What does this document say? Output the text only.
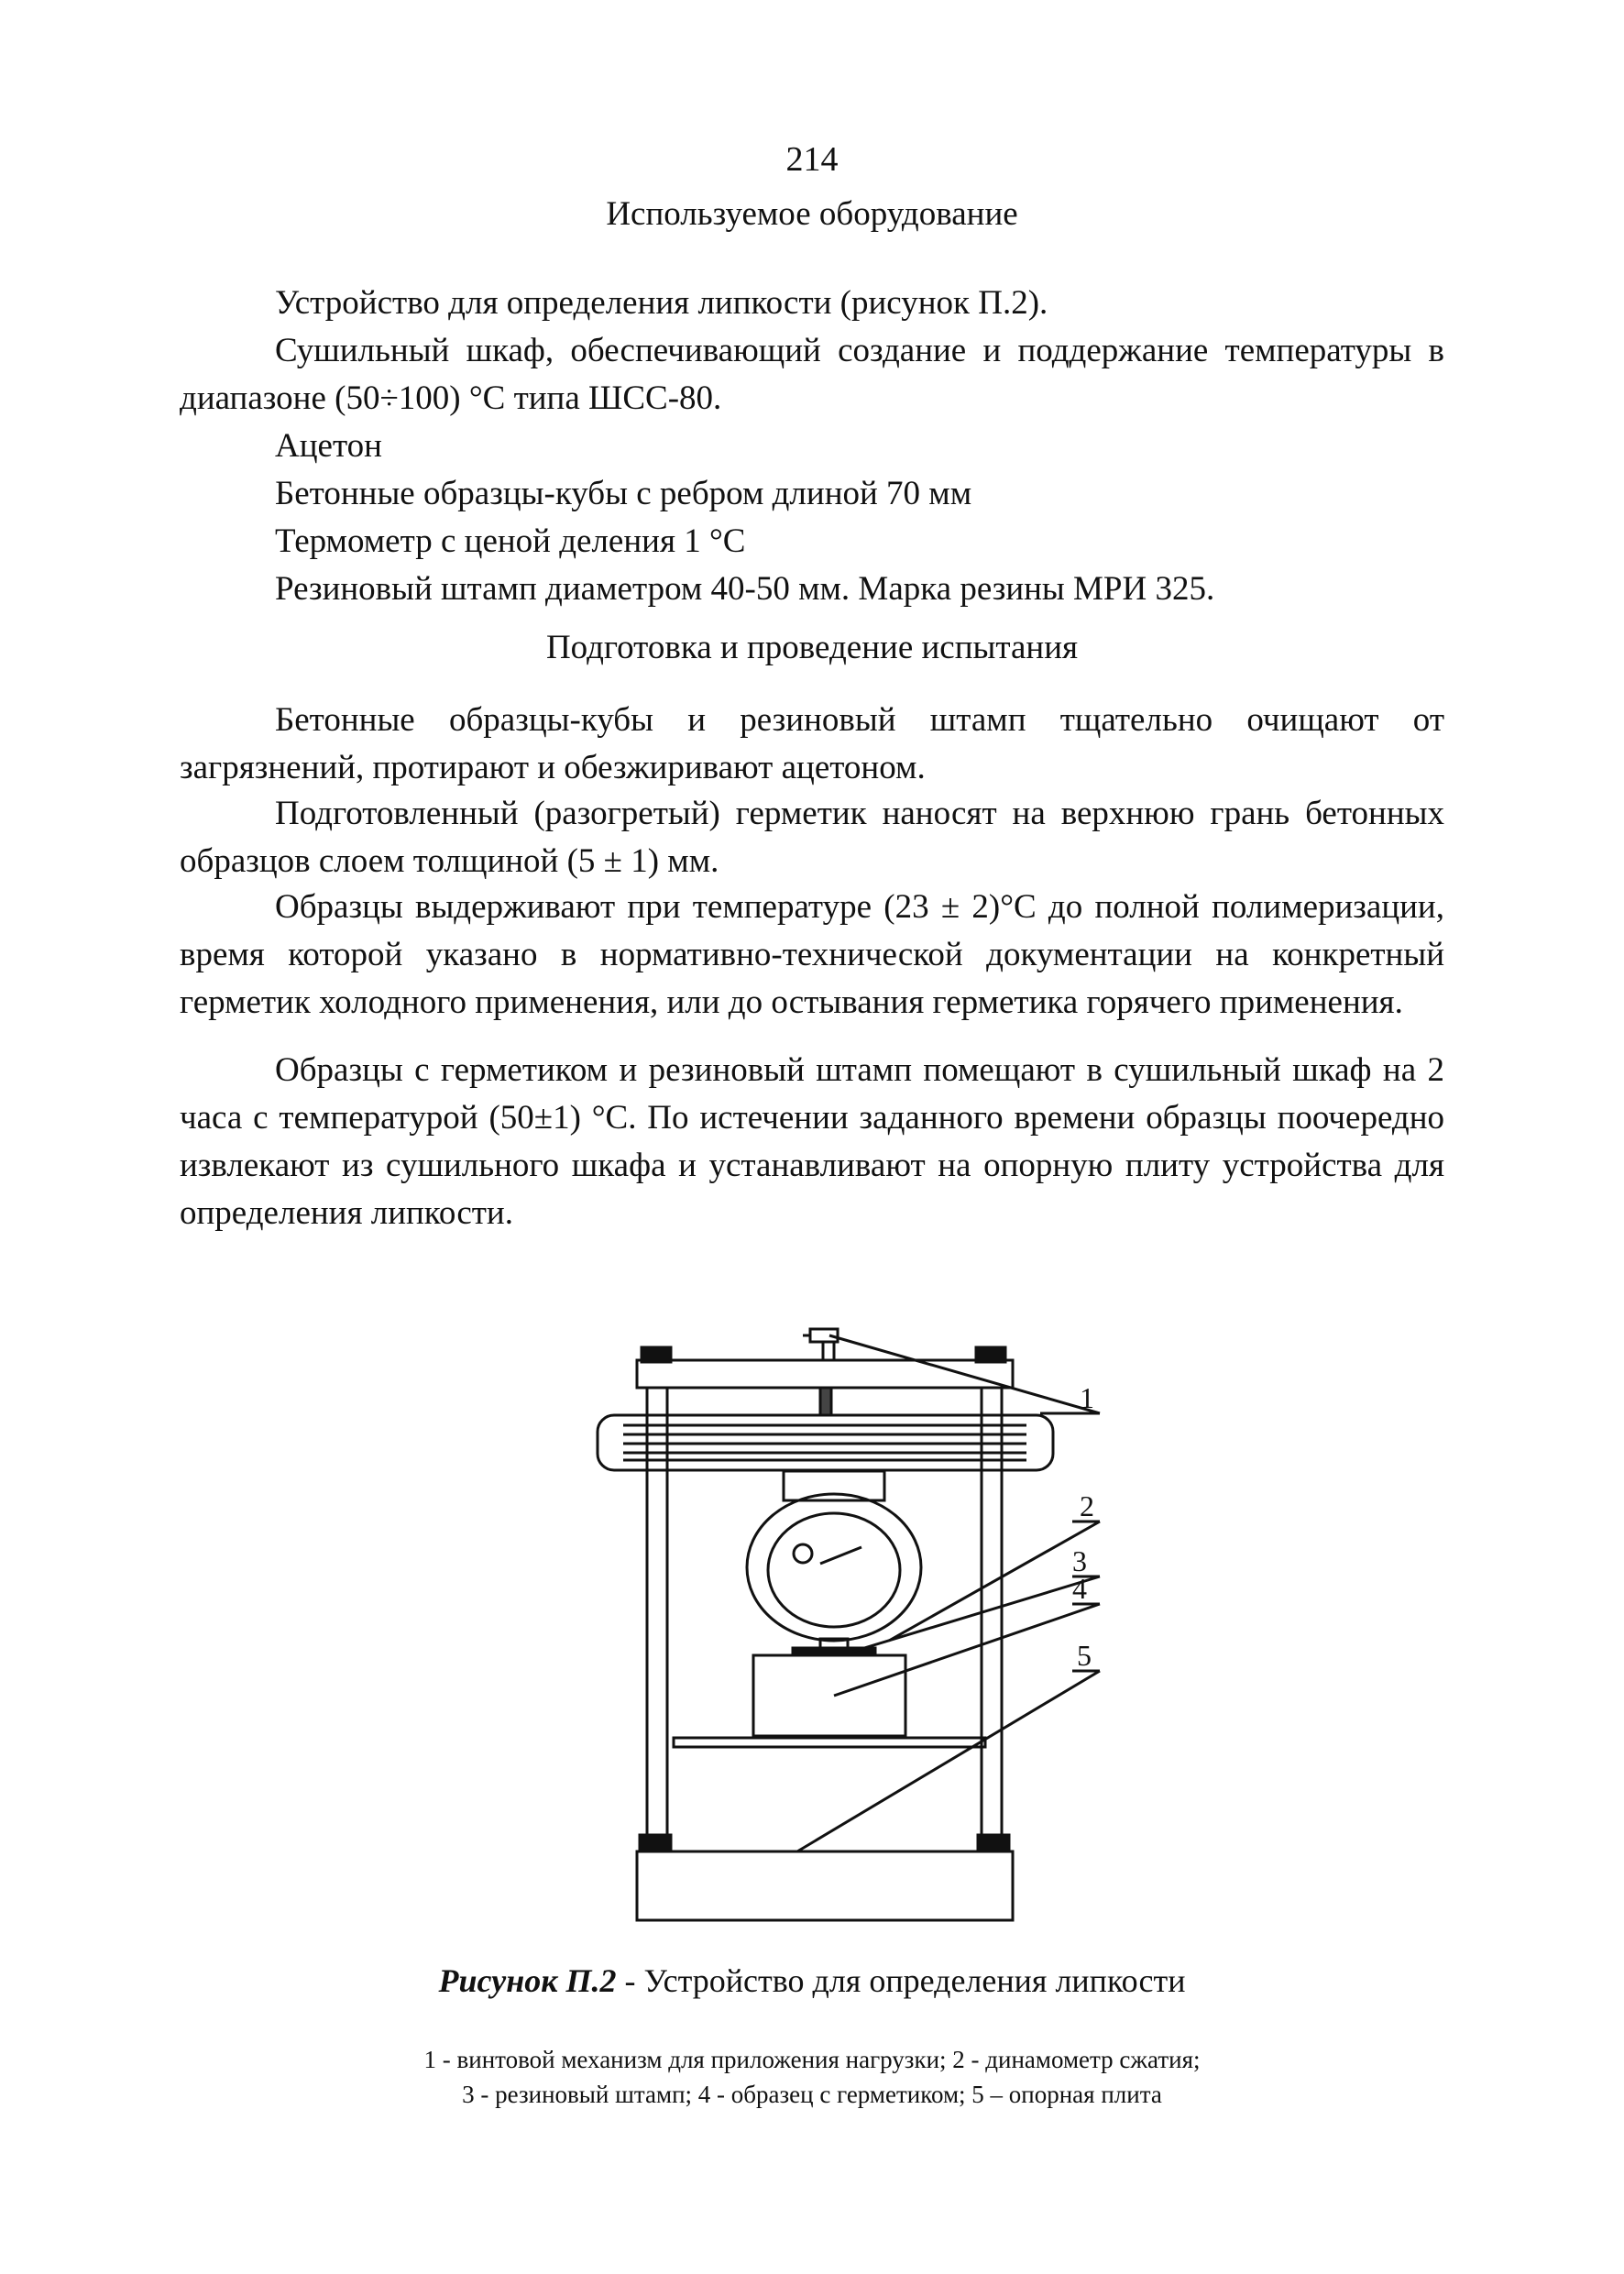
214
Используемое оборудование
Устройство для определения липкости (рисунок П.2).
Сушильный шкаф, обеспечивающий создание и поддержание температуры в диапазоне (50÷100) °С типа ШСС-80.
Ацетон
Бетонные образцы-кубы с ребром длиной 70 мм
Термометр с ценой деления 1 °С
Резиновый штамп диаметром 40-50 мм. Марка резины МРИ 325.
Подготовка и проведение испытания

Бетонные образцы-кубы и резиновый штамп тщательно очищают от загрязнений, протирают и обезжиривают ацетоном.

Подготовленный (разогретый) герметик наносят на верхнюю грань бетонных образцов слоем толщиной (5 ± 1) мм.

Образцы выдерживают при температуре (23 ± 2)°С до полной полимеризации, время которой указано в нормативно-технической документации на конкретный герметик холодного применения, или до остывания герметика горячего применения.

Образцы с герметиком и резиновый штамп помещают в сушильный шкаф на 2 часа с температурой (50±1) °С. По истечении заданного времени образцы поочередно извлекают из сушильного шкафа и устанавливают на опорную плиту устройства для определения липкости.

1
2
3
4
5
Рисунок П.2 - Устройство для определения липкости
1 - винтовой механизм для приложения нагрузки; 2 - динамометр сжатия;
3 - резиновый штамп; 4 - образец с герметиком; 5 – опорная плита
